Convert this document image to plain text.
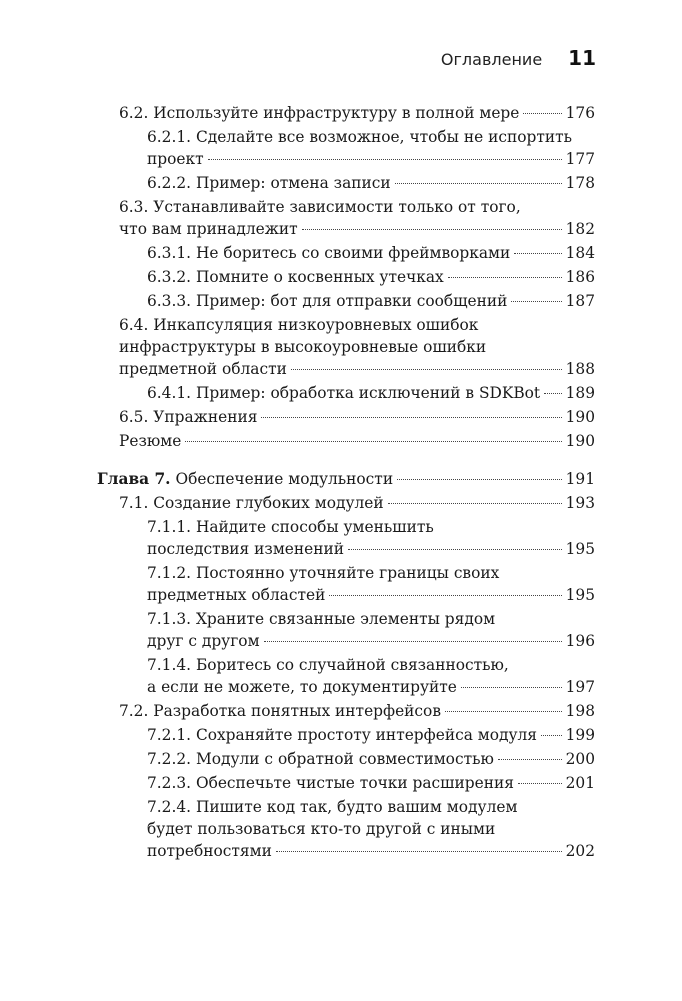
Оглавление 11
6.2. Используйте инфраструктуру в полной мере	176
6.2.1. Сделайте все возможное, чтобы не испортить
проект	177
6.2.2. Пример: отмена записи	178
6.3. Устанавливайте зависимости только от того,
что вам принадлежит	182
6.3.1. Не боритесь со своими фреймворками	184
6.3.2. Помните о косвенных утечках	186
6.3.3. Пример: бот для отправки сообщений	187
6.4. Инкапсуляция низкоуровневых ошибок
инфраструктуры в высокоуровневые ошибки
предметной области	188
6.4.1. Пример: обработка исключений в SDKBot 189
6.5. Упражнения	190
Резюме	190
Глава 7. Обеспечение модульности	191
7.1. Создание глубоких модулей	193
7.1.1. Найдите способы уменьшить
последствия изменений	195
7.1.2. Постоянно уточняйте границы своих
предметных областей	195
7.1.3. Храните связанные элементы рядом
друг с другом	196
7.1.4. Боритесь со случайной связанностью,
а если не можете, то документируйте	197
7.2. Разработка понятных интерфейсов	198
7.2.1. Сохраняйте простоту интерфейса модуля 199
7.2.2. Модули с обратной совместимостью	200
7.2.3. Обеспечьте чистые точки расширения	201
7.2.4. Пишите код так, будто вашим модулем
будет пользоваться кто-то другой с иными
потребностями	202
